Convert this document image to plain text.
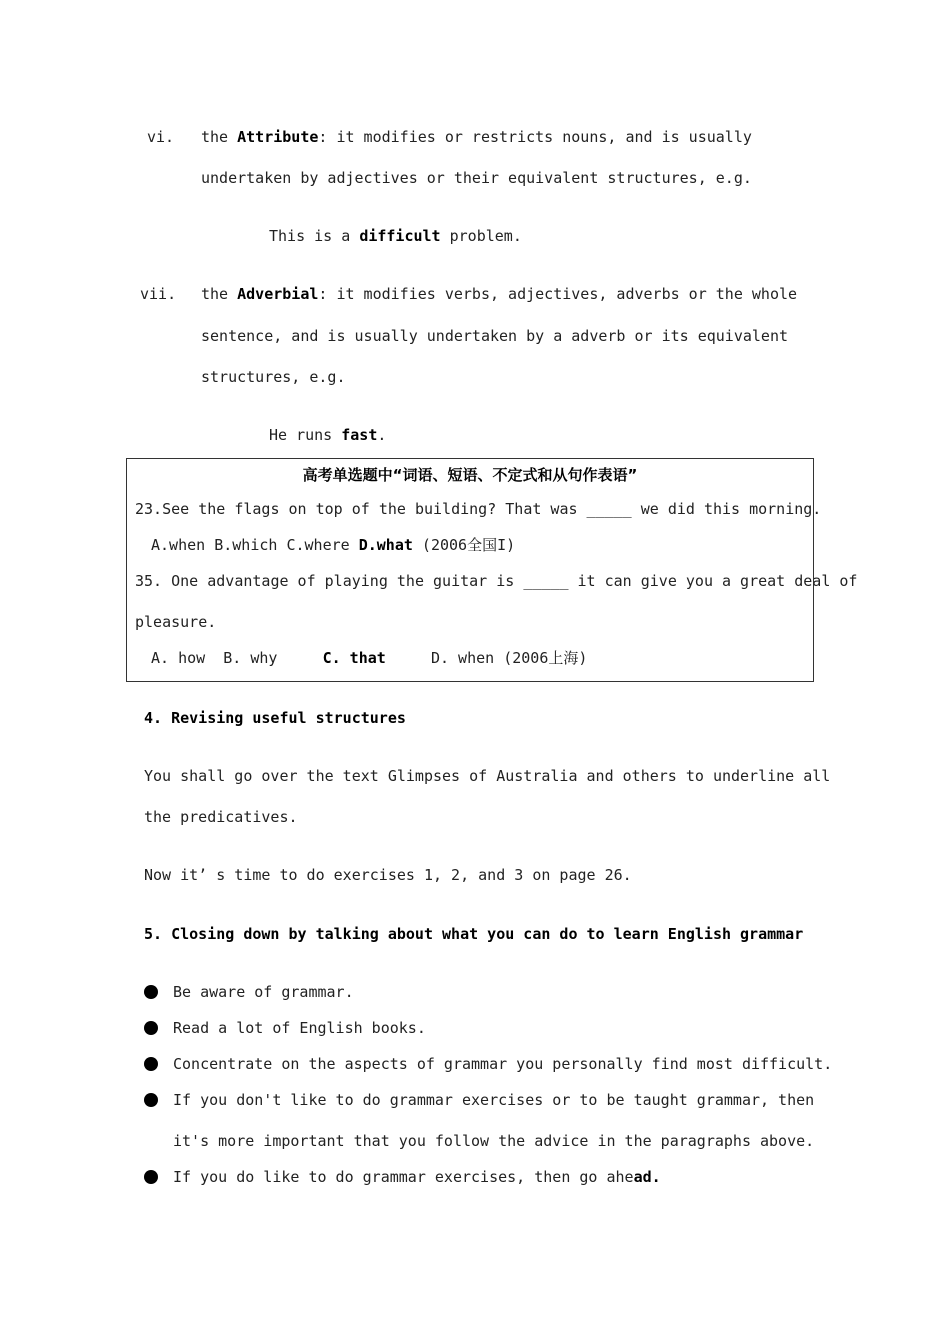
vi. the Attribute: it modifies or restricts nouns, and is usually
undertaken by adjectives or their equivalent structures, e.g.
This is a difficult problem.
vii. the Adverbial: it modifies verbs, adjectives, adverbs or the whole
sentence, and is usually undertaken by a adverb or its equivalent
structures, e.g.
He runs fast.
高考单选题中“词语、短语、不定式和从句作表语”
23.See the flags on top of the building? That was _____ we did this morning.
A.when B.which C.where D.what (2006全国I)
35. One advantage of playing the guitar is _____ it can give you a great deal of
pleasure.
A. how  B. why     C. that     D. when (2006上海)
4. Revising useful structures
You shall go over the text Glimpses of Australia and others to underline all
the predicatives.
Now it’ s time to do exercises 1, 2, and 3 on page 26.
5. Closing down by talking about what you can do to learn English grammar
Be aware of grammar.
Read a lot of English books.
Concentrate on the aspects of grammar you personally find most difficult.
If you don't like to do grammar exercises or to be taught grammar, then
it's more important that you follow the advice in the paragraphs above.
If you do like to do grammar exercises, then go ahead.
